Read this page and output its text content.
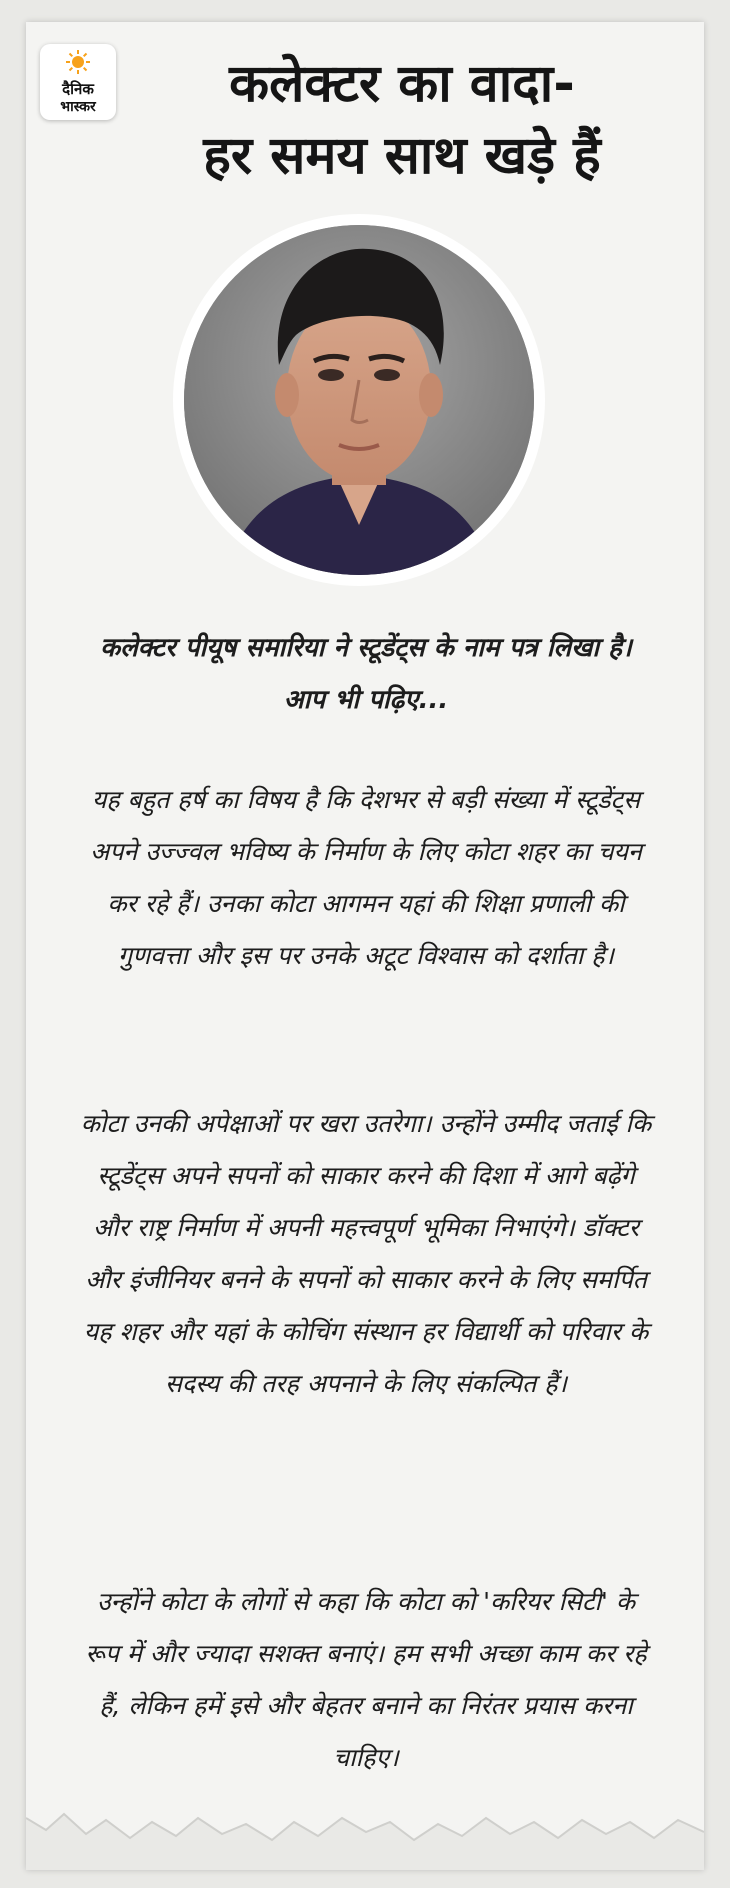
दैनिक
भास्कर	कलेक्टर का वादा-
हर समय साथ खड़े हैं

कलेक्टर पीयूष समारिया ने स्टूडेंट्स के नाम पत्र लिखा है। आप भी पढ़िए...

यह बहुत हर्ष का विषय है कि देशभर से बड़ी संख्या में स्टूडेंट्स अपने उज्ज्वल भविष्य के निर्माण के लिए कोटा शहर का चयन कर रहे हैं। उनका कोटा आगमन यहां की शिक्षा प्रणाली की गुणवत्ता और इस पर उनके अटूट विश्वास को दर्शाता है।

कोटा उनकी अपेक्षाओं पर खरा उतरेगा। उन्होंने उम्मीद जताई कि स्टूडेंट्स अपने सपनों को साकार करने की दिशा में आगे बढ़ेंगे और राष्ट्र निर्माण में अपनी महत्त्वपूर्ण भूमिका निभाएंगे। डॉक्टर और इंजीनियर बनने के सपनों को साकार करने के लिए समर्पित यह शहर और यहां के कोचिंग संस्थान हर विद्यार्थी को परिवार के सदस्य की तरह अपनाने के लिए संकल्पित हैं।

उन्होंने कोटा के लोगों से कहा कि कोटा को 'करियर सिटी' के रूप में और ज्यादा सशक्त बनाएं। हम सभी अच्छा काम कर रहे हैं, लेकिन हमें इसे और बेहतर बनाने का निरंतर प्रयास करना चाहिए।
